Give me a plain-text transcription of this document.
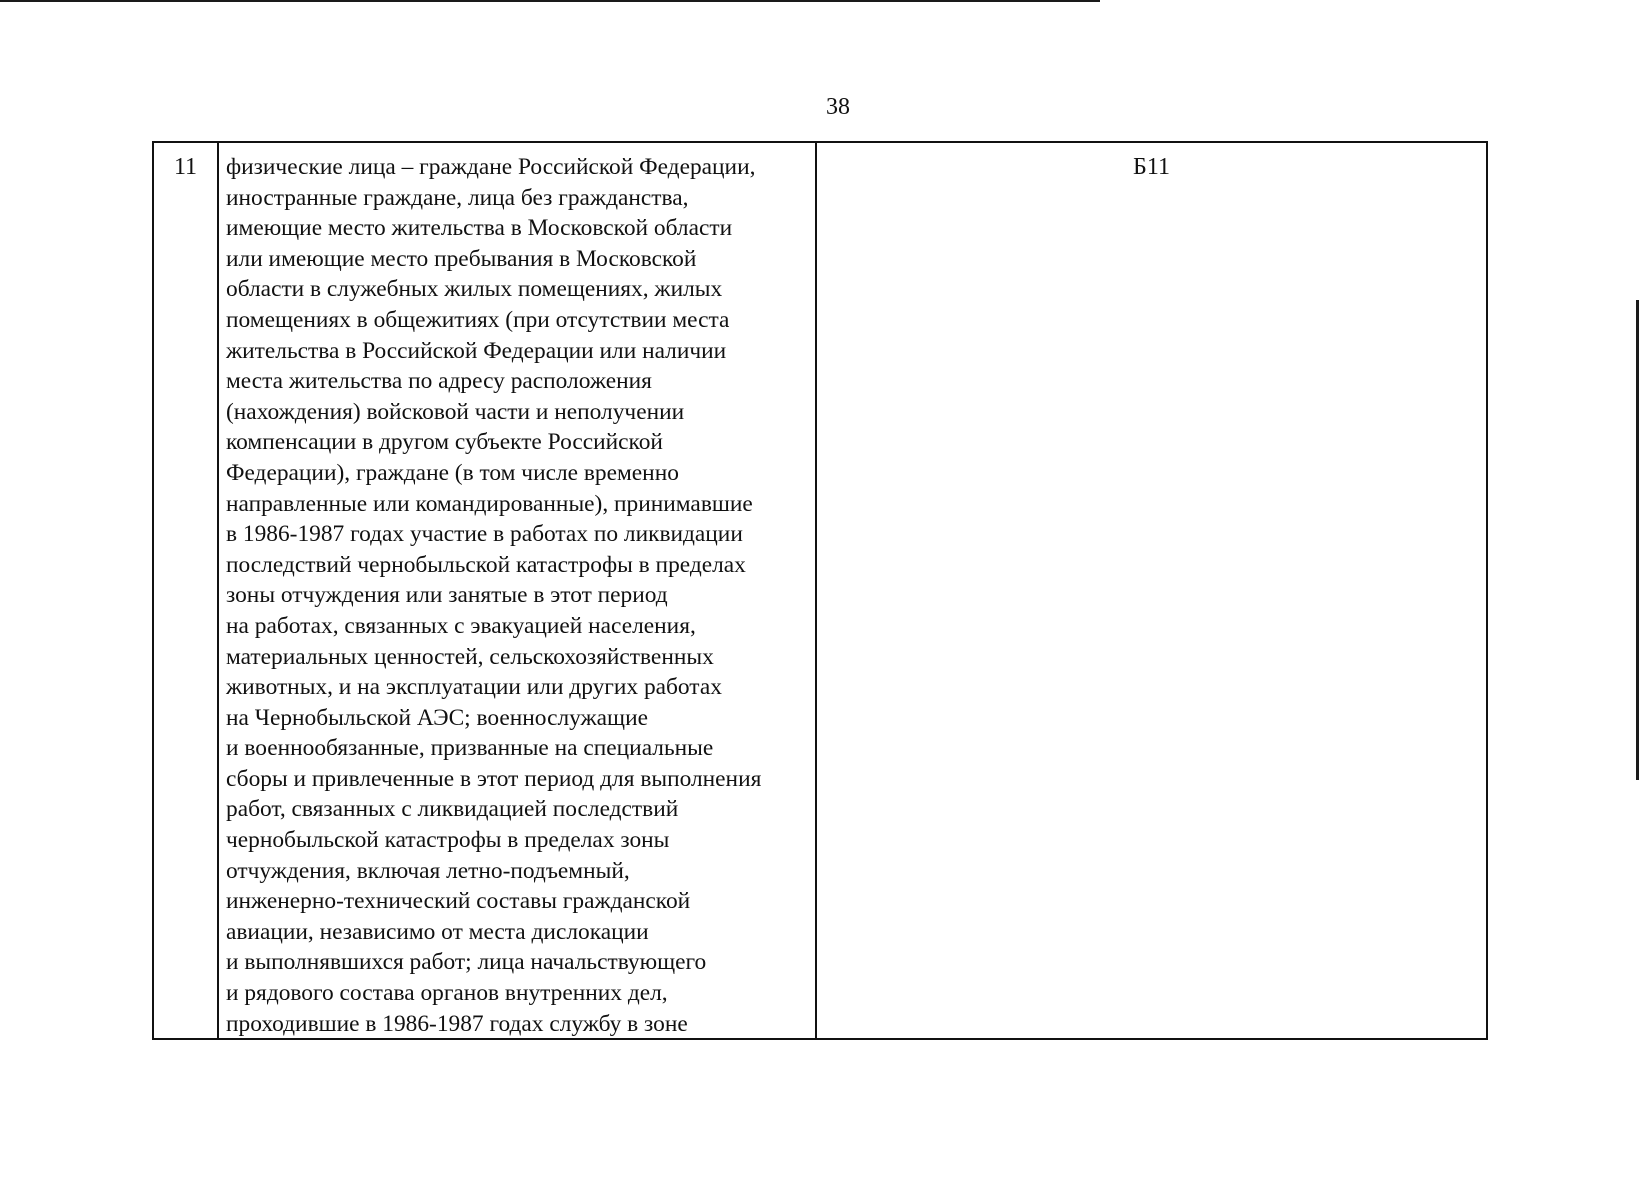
38
11	физические лица – граждане Российской Федерации,
иностранные граждане, лица без гражданства,
имеющие место жительства в Московской области
или имеющие место пребывания в Московской
области в служебных жилых помещениях, жилых
помещениях в общежитиях (при отсутствии места
жительства в Российской Федерации или наличии
места жительства по адресу расположения
(нахождения) войсковой части и неполучении
компенсации в другом субъекте Российской
Федерации), граждане (в том числе временно
направленные или командированные), принимавшие
в 1986-1987 годах участие в работах по ликвидации
последствий чернобыльской катастрофы в пределах
зоны отчуждения или занятые в этот период
на работах, связанных с эвакуацией населения,
материальных ценностей, сельскохозяйственных
животных, и на эксплуатации или других работах
на Чернобыльской АЭС; военнослужащие
и военнообязанные, призванные на специальные
сборы и привлеченные в этот период для выполнения
работ, связанных с ликвидацией последствий
чернобыльской катастрофы в пределах зоны
отчуждения, включая летно-подъемный,
инженерно-технический составы гражданской
авиации, независимо от места дислокации
и выполнявшихся работ; лица начальствующего
и рядового состава органов внутренних дел,
проходившие в 1986-1987 годах службу в зоне
Б11
